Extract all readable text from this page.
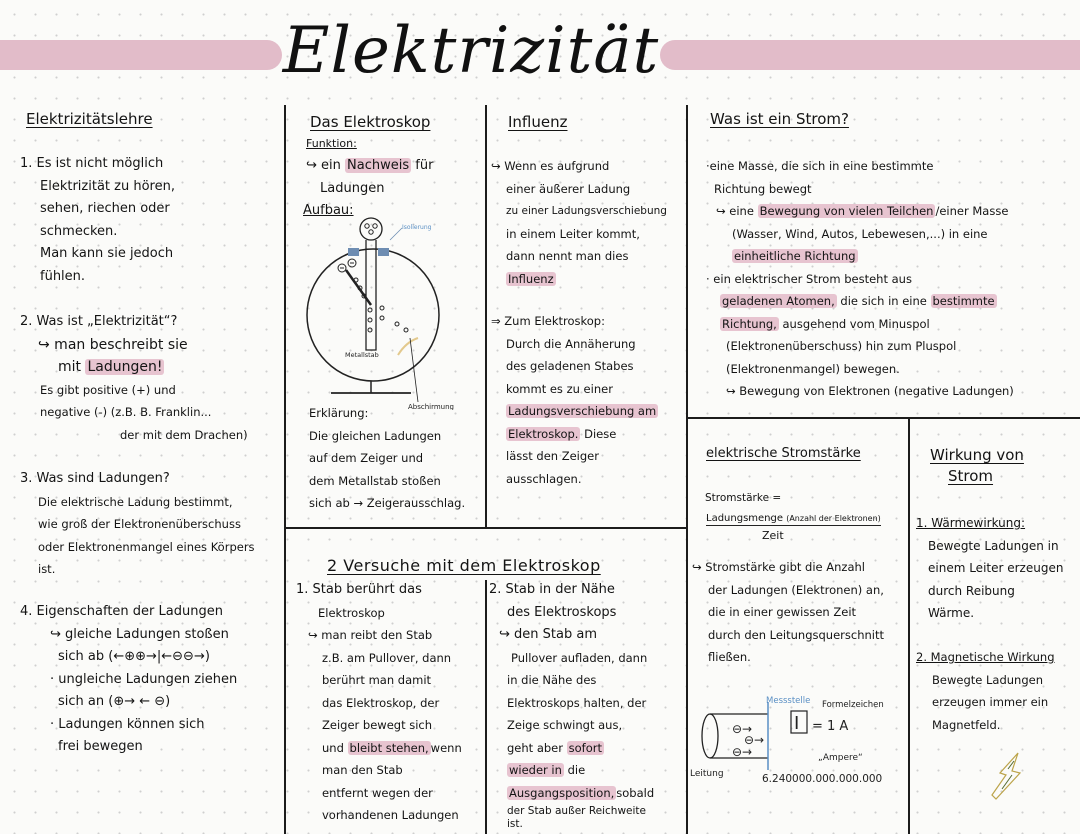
Elektrizität
Elektrizitätslehre
1. Es ist nicht möglich
Elektrizität zu hören,
sehen, riechen oder
schmecken.
Man kann sie jedoch
fühlen.
2. Was ist „Elektrizität“?
↪ man beschreibt sie
mit Ladungen!
Es gibt positive (+) und
negative (-) (z.B. B. Franklin...
der mit dem Drachen)
3. Was sind Ladungen?
Die elektrische Ladung bestimmt,
wie groß der Elektronenüberschuss
oder Elektronenmangel eines Körpers
ist.
4. Eigenschaften der Ladungen
↪ gleiche Ladungen stoßen
sich ab (←⊕⊕→|←⊖⊖→)
· ungleiche Ladungen ziehen
sich an (⊕→ ← ⊖)
· Ladungen können sich
frei bewegen
Das Elektroskop
Funktion:
↪ ein Nachweis für
Ladungen
Aufbau:
Isolierung
Metallstab
Abschirmung
Erklärung:
Die gleichen Ladungen
auf dem Zeiger und
dem Metallstab stoßen
sich ab → Zeigerausschlag.
Influenz
↪ Wenn es aufgrund
einer äußerer Ladung
zu einer Ladungsverschiebung
in einem Leiter kommt,
dann nennt man dies
Influenz
⇒ Zum Elektroskop:
Durch die Annäherung
des geladenen Stabes
kommt es zu einer
Ladungsverschiebung am
Elektroskop. Diese
lässt den Zeiger
ausschlagen.
Was ist ein Strom?
·eine Masse, die sich in eine bestimmte
Richtung bewegt
↪ eine Bewegung von vielen Teilchen /einer Masse
(Wasser, Wind, Autos, Lebewesen,...) in eine
einheitliche Richtung
· ein elektrischer Strom besteht aus
geladenen Atomen, die sich in eine bestimmte
Richtung, ausgehend vom Minuspol
(Elektronenüberschuss) hin zum Pluspol
(Elektronenmangel) bewegen.
↪ Bewegung von Elektronen (negative Ladungen)
elektrische Stromstärke
Stromstärke =
Ladungsmenge (Anzahl der Elektronen)
Zeit
↪ Stromstärke gibt die Anzahl
der Ladungen (Elektronen) an,
die in einer gewissen Zeit
durch den Leitungsquerschnitt
fließen.
Messstelle
⊖→
⊖→
⊖→
Formelzeichen
I = 1 A
„Ampere“
Leitung	6.240000.000.000.000
Wirkung von
Strom
1. Wärmewirkung:
Bewegte Ladungen in
einem Leiter erzeugen
durch Reibung
Wärme.
2. Magnetische Wirkung
Bewegte Ladungen
erzeugen immer ein
Magnetfeld.
2 Versuche mit dem Elektroskop
1. Stab berührt das
Elektroskop
↪ man reibt den Stab
z.B. am Pullover, dann
berührt man damit
das Elektroskop, der
Zeiger bewegt sich
und bleibt stehen, wenn
man den Stab
entfernt wegen der
vorhandenen Ladungen
2. Stab in der Nähe
des Elektroskops
↪ den Stab am
Pullover aufladen, dann
in die Nähe des
Elektroskops halten, der
Zeige schwingt aus,
geht aber sofort
wieder in die
Ausgangsposition, sobald
der Stab außer Reichweite
ist.
